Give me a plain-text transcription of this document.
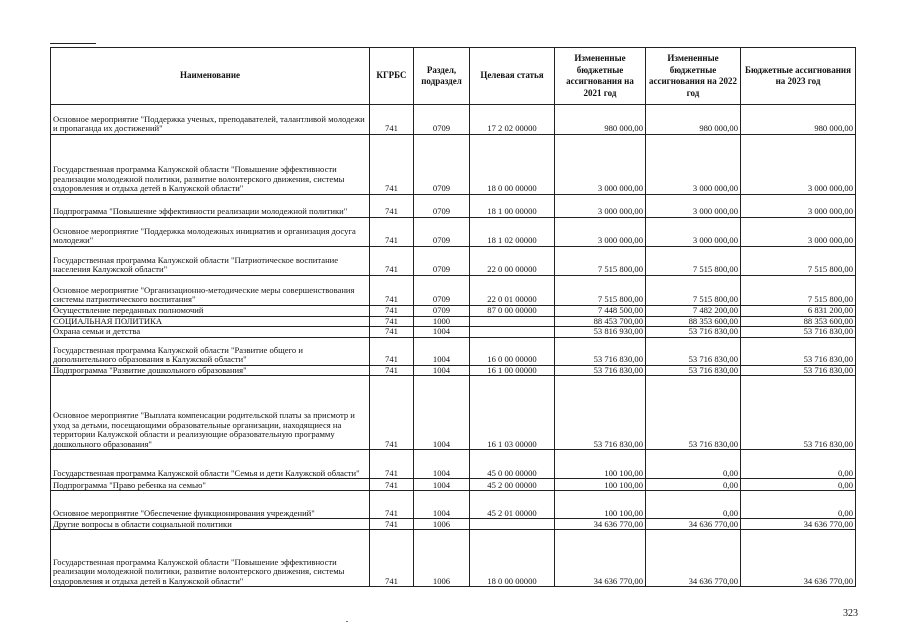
Наименование	КГРБС	Раздел, подраздел	Целевая статья	Измененные бюджетные ассигнования на 2021 год	Измененные бюджетные ассигнования на 2022 год	Бюджетные ассигнования на 2023 год
Основное мероприятие "Поддержка ученых, преподавателей, талантливой молодежи и пропаганда их достижений"	741	0709	17 2 02 00000	980 000,00	980 000,00	980 000,00
Государственная программа Калужской области "Повышение эффективности реализации молодежной политики, развитие волонтерского движения, системы оздоровления и отдыха детей в Калужской области"	741	0709	18 0 00 00000	3 000 000,00	3 000 000,00	3 000 000,00
Подпрограмма "Повышение эффективности реализации молодежной политики"	741	0709	18 1 00 00000	3 000 000,00	3 000 000,00	3 000 000,00
Основное мероприятие "Поддержка молодежных инициатив и организация досуга молодежи"	741	0709	18 1 02 00000	3 000 000,00	3 000 000,00	3 000 000,00
Государственная программа Калужской области "Патриотическое воспитание населения Калужской области"	741	0709	22 0 00 00000	7 515 800,00	7 515 800,00	7 515 800,00
Основное мероприятие "Организационно-методические меры совершенствования системы патриотического воспитания"	741	0709	22 0 01 00000	7 515 800,00	7 515 800,00	7 515 800,00
Осуществление переданных полномочий	741	0709	87 0 00 00000	7 448 500,00	7 482 200,00	6 831 200,00
СОЦИАЛЬНАЯ ПОЛИТИКА	741	1000		88 453 700,00	88 353 600,00	88 353 600,00
Охрана семьи и детства	741	1004		53 816 930,00	53 716 830,00	53 716 830,00
Государственная программа Калужской области "Развитие общего и дополнительного образования в Калужской области"	741	1004	16 0 00 00000	53 716 830,00	53 716 830,00	53 716 830,00
Подпрограмма "Развитие дошкольного образования"	741	1004	16 1 00 00000	53 716 830,00	53 716 830,00	53 716 830,00
Основное мероприятие "Выплата компенсации родительской платы за присмотр и уход за детьми, посещающими образовательные организации, находящиеся на территории Калужской области и реализующие образовательную программу дошкольного образования"	741	1004	16 1 03 00000	53 716 830,00	53 716 830,00	53 716 830,00
Государственная программа Калужской области "Семья и дети Калужской области"	741	1004	45 0 00 00000	100 100,00	0,00	0,00
Подпрограмма "Право ребенка на семью"	741	1004	45 2 00 00000	100 100,00	0,00	0,00
Основное мероприятие "Обеспечение функционирования учреждений"	741	1004	45 2 01 00000	100 100,00	0,00	0,00
Другие вопросы в области социальной политики	741	1006		34 636 770,00	34 636 770,00	34 636 770,00
Государственная программа Калужской области "Повышение эффективности реализации молодежной политики, развитие волонтерского движения, системы оздоровления и отдыха детей в Калужской области"	741	1006	18 0 00 00000	34 636 770,00	34 636 770,00	34 636 770,00
323
